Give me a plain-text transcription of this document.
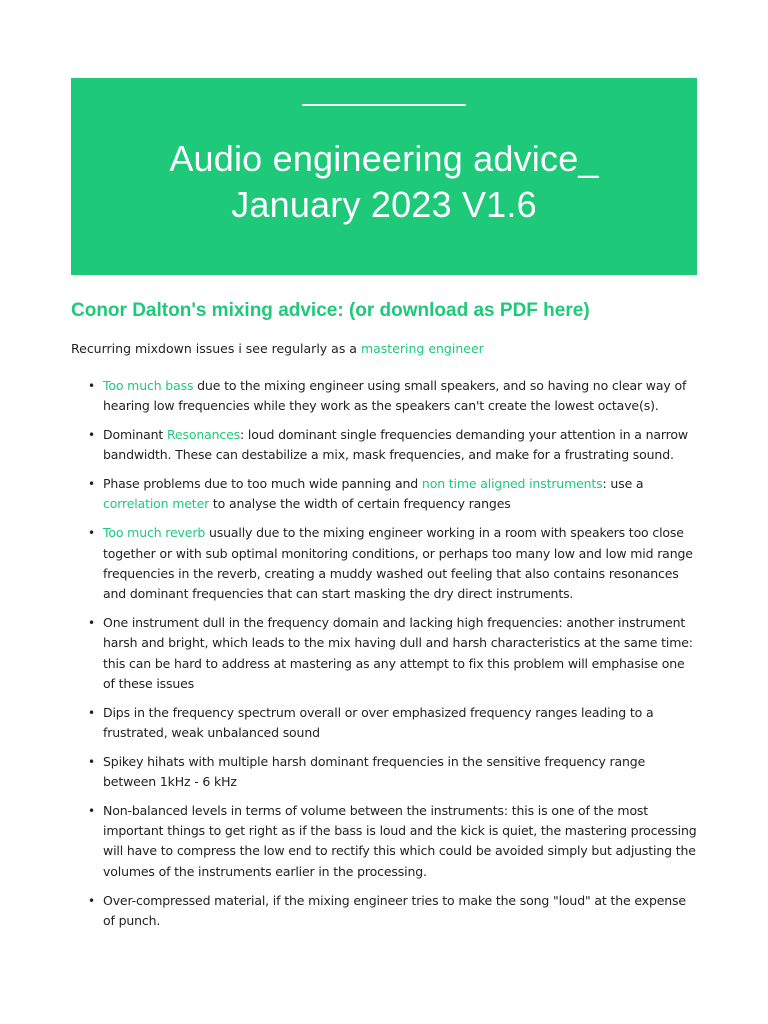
Audio engineering advice_
January 2023 V1.6
Conor Dalton's mixing advice: (or download as PDF here)

Recurring mixdown issues i see regularly as a mastering engineer

• Too much bass due to the mixing engineer using small speakers, and so having no clear way of hearing low frequencies while they work as the speakers can't create the lowest octave(s).
• Dominant Resonances: loud dominant single frequencies demanding your attention in a narrow bandwidth. These can destabilize a mix, mask frequencies, and make for a frustrating sound.
• Phase problems due to too much wide panning and non time aligned instruments: use a correlation meter to analyse the width of certain frequency ranges
• Too much reverb usually due to the mixing engineer working in a room with speakers too close together or with sub optimal monitoring conditions, or perhaps too many low and low mid range frequencies in the reverb, creating a muddy washed out feeling that also contains resonances and dominant frequencies that can start masking the dry direct instruments.
• One instrument dull in the frequency domain and lacking high frequencies: another instrument harsh and bright, which leads to the mix having dull and harsh characteristics at the same time: this can be hard to address at mastering as any attempt to fix this problem will emphasise one of these issues
• Dips in the frequency spectrum overall or over emphasized frequency ranges leading to a frustrated, weak unbalanced sound
• Spikey hihats with multiple harsh dominant frequencies in the sensitive frequency range between 1kHz - 6 kHz
• Non-balanced levels in terms of volume between the instruments: this is one of the most important things to get right as if the bass is loud and the kick is quiet, the mastering processing will have to compress the low end to rectify this which could be avoided simply but adjusting the volumes of the instruments earlier in the processing.
• Over-compressed material, if the mixing engineer tries to make the song "loud" at the expense of punch.
